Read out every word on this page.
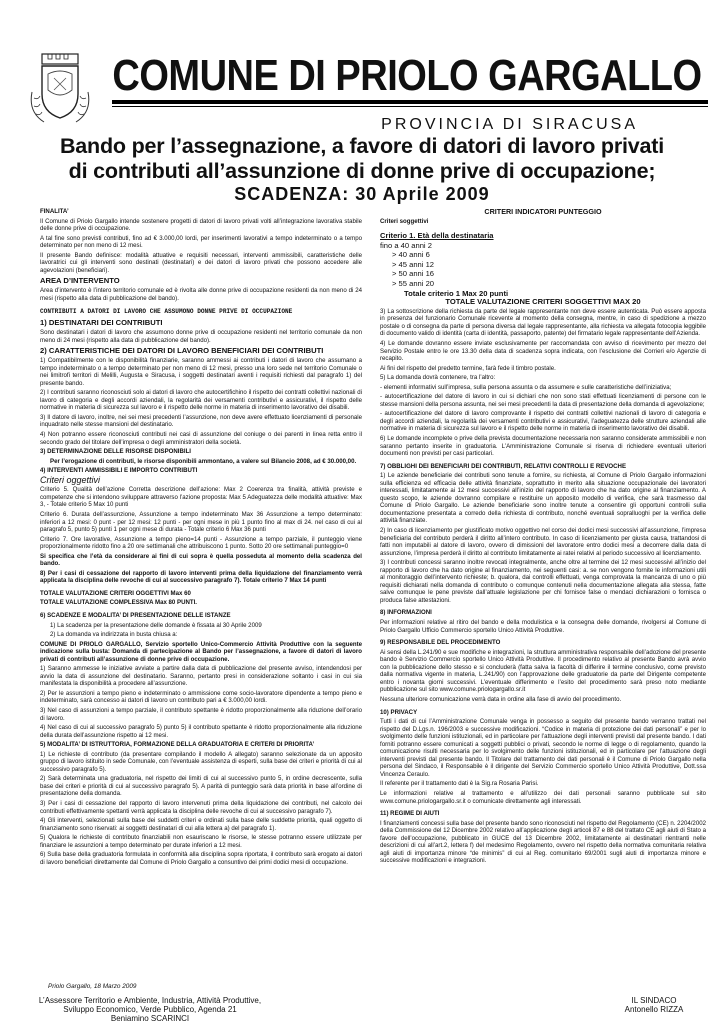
COMUNE DI PRIOLO GARGALLO
PROVINCIA DI SIRACUSA
Bando per l’assegnazione, a favore di datori di lavoro privati
di contributi all’assunzione di donne prive di occupazione;
SCADENZA: 30 Aprile 2009

FINALITA’

Il Comune di Priolo Gargallo intende sostenere progetti di datori di lavoro privati volti all’integrazione lavorativa stabile delle donne prive di occupazione.

A tal fine sono previsti contributi, fino ad € 3.000,00 lordi, per inserimenti lavorativi a tempo indeterminato o a tempo determinato per non meno di 12 mesi.

Il presente Bando definisce: modalità attuative e requisiti necessari, interventi ammissibili, caratteristiche delle lavoratrici cui gli interventi sono destinati (destinatari) e dei datori di lavoro privati che possono accedere alle agevolazioni (beneficiari).

AREA D’INTERVENTO

Area d’intervento è l’intero territorio comunale ed è rivolta alle donne prive di occupazione residenti da non meno di 24 mesi (rispetto alla data di pubblicazione del bando).

CONTRIBUTI A DATORI DI LAVORO CHE ASSUMONO DONNE PRIVE DI OCCUPAZIONE

1) DESTINATARI DEI CONTRIBUTI

Sono destinatari i datori di lavoro che assumono donne prive di occupazione residenti nel territorio comunale da non meno di 24 mesi (rispetto alla data di pubblicazione del bando).

2) CARATTERISTICHE DEI DATORI DI LAVORO BENEFICIARI DEI CONTRIBUTI

1) Compatibilmente con le disponibilità finanziarie, saranno ammessi ai contributi i datori di lavoro che assumano a tempo indeterminato o a tempo determinato per non meno di 12 mesi, presso una loro sede nel territorio Comunale o nei limitrofi territori di Melilli, Augusta e Siracusa, i soggetti destinatari aventi i requisiti richiesti dal paragrafo 1) del presente bando.

2) I contributi saranno riconosciuti solo ai datori di lavoro che autocertifichino il rispetto dei contratti collettivi nazionali di lavoro di categoria e degli accordi aziendali, la regolarità dei versamenti contributivi e assicurativi, il rispetto delle normative in materia di sicurezza sul lavoro e il rispetto delle norme in materia di inserimento lavorativo dei disabili.

3) Il datore di lavoro, inoltre, nei sei mesi precedenti l’assunzione, non deve avere effettuato licenziamenti di personale inquadrato nelle stesse mansioni del destinatario.

4) Non potranno essere riconosciuti contributi nei casi di assunzione del coniuge o dei parenti in linea retta entro il secondo grado del titolare dell’impresa o degli amministratori della società.

3) DETERMINAZIONE DELLE RISORSE DISPONIBILI

Per l’erogazione di contributi, le risorse disponibili ammontano, a valere sul Bilancio 2008, ad € 30.000,00.

4) INTERVENTI AMMISSIBILI E IMPORTO CONTRIBUTI

Criteri oggettivi

Criterio 5. Qualità dell’azione Corretta descrizione dell’azione: Max 2 Coerenza tra finalità, attività previste e competenze che si intendono sviluppare attraverso l’azione proposta: Max 5 Adeguatezza delle modalità attuative: Max 3, - Totale criterio 5 Max 10 punti

Criterio 6. Durata dell’assunzione, Assunzione a tempo indeterminato Max 36 Assunzione a tempo determinato: inferiori a 12 mesi: 0 punt - per 12 mesi: 12 punti - per ogni mese in più 1 punto fino al max di 24. nel caso di cui al paragrafo 5, punto 5) punti 1 per ogni mese di durata - Totale criterio 6 Max 36 punti

Criterio 7. Ore lavorative, Assunzione a tempo pieno=14 punti - Assunzione a tempo parziale, il punteggio viene proporzionalmente ridotto fino a 20 ore settimanali che attribuiscono 1 punto. Sotto 20 ore settimanali punteggio=0

Si specifica che l’età da considerare ai fini di cui sopra è quella posseduta al momento della scadenza del bando.

8) Per i casi di cessazione del rapporto di lavoro interventi prima della liquidazione del finanziamento verrà applicata la disciplina delle revoche di cui al successivo paragrafo 7). Totale criterio 7 Max 14 punti

TOTALE VALUTAZIONE CRITERI OGGETTIVI Max 60

TOTALE VALUTAZIONE COMPLESSIVA Max 80 PUNTI.

6) SCADENZE E MODALITA’ DI PRESENTAZIONE DELLE ISTANZE

1) La scadenza per la presentazione delle domande è fissata al 30 Aprile 2009

2) La domanda va indirizzata in busta chiusa a:

COMUNE DI PRIOLO GARGALLO, Servizio sportello Unico-Commercio Attività Produttive con la seguente indicazione sulla busta: Domanda di partecipazione al Bando per l’assegnazione, a favore di datori di lavoro privati di contributi all’assunzione di donne prive di occupazione.

1) Saranno ammesse le iniziative avviate a partire dalla data di pubblicazione del presente avviso, intendendosi per avvio la data di assunzione del destinatario. Saranno, pertanto presi in considerazione soltanto i casi in cui sia manifestata la disponibilità a procedere all’assunzione.

2) Per le assunzioni a tempo pieno e indeterminato o ammissione come socio-lavoratore dipendente a tempo pieno e indeterminato, sarà concesso ai datori di lavoro un contributo pari a € 3.000,00 lordi.

3) Nel caso di assunzioni a tempo parziale, il contributo spettante è ridotto proporzionalmente alla riduzione dell’orario di lavoro.

4) Nel caso di cui al successivo paragrafo 5) punto 5) il contributo spettante è ridotto proporzionalmente alla riduzione della durata dell’assunzione rispetto ai 12 mesi.

5) MODALITA’ DI ISTRUTTORIA, FORMAZIONE DELLA GRADUATORIA E CRITERI DI PRIORITA’

1) Le richieste di contributo (da presentare compilando il modello A allegato) saranno selezionate da un apposito gruppo di lavoro istituito in sede Comunale, con l’eventuale assistenza di esperti, sulla base dei criteri e priorità di cui al successivo paragrafo 5).

2) Sarà determinata una graduatoria, nel rispetto dei limiti di cui al successivo punto 5, in ordine decrescente, sulla base dei criteri e priorità di cui al successivo paragrafo 5). A parità di punteggio sarà data priorità in base all’ordine di presentazione della domanda.

3) Per i casi di cessazione del rapporto di lavoro intervenuti prima della liquidazione dei contributi, nel calcolo dei contributi effettivamente spettanti verrà applicata la disciplina delle revoche di cui al successivo paragrafo 7).

4) Gli interventi, selezionati sulla base dei suddetti criteri e ordinati sulla base delle suddette priorità, quali oggetto di finanziamento sono riservati: ai soggetti destinatari di cui alla lettera a) del paragrafo 1).

5) Qualora le richieste di contributo finanziabili non esauriscano le risorse, le stesse potranno essere utilizzate per finanziare le assunzioni a tempo determinato per durate inferiori a 12 mesi.

6) Sulla base della graduatoria formulata in conformità alla disciplina sopra riportata, il contributo sarà erogato ai datori di lavoro beneficiari direttamente dal Comune di Priolo Gargallo a consuntivo dei primi dodici mesi di occupazione.

CRITERI INDICATORI PUNTEGGIO

Criteri soggettivi

Criterio 1. Età della destinataria
fino a 40 anni 2
> 40 anni 6
> 45 anni 12
> 50 anni 16
> 55 anni 20
Totale criterio 1 Max 20 punti

TOTALE VALUTAZIONE CRITERI SOGGETTIVI MAX 20

3) La sottoscrizione della richiesta da parte del legale rappresentante non deve essere autenticata. Può essere apposta in presenza del funzionario Comunale ricevente al momento della consegna, mentre, in caso di spedizione a mezzo postale o di consegna da parte di persona diversa dal legale rappresentante, alla richiesta va allegata fotocopia leggibile di documento valido di identità (carta di identità, passaporto, patente) del firmatario legale rappresentante dell’Azienda.

4) Le domande dovranno essere inviate esclusivamente per raccomandata con avviso di ricevimento per mezzo del Servizio Postale entro le ore 13.30 della data di scadenza sopra indicata, con l’esclusione dei Corrieri e/o Agenzie di recapito.

Ai fini del rispetto del predetto termine, farà fede il timbro postale.

5) La domanda dovrà contenere, tra l’altro:

- elementi informativi sull’impresa, sulla persona assunta o da assumere e sulle caratteristiche dell’iniziativa;

- autocertificazione del datore di lavoro in cui si dichiari che non sono stati effettuati licenziamenti di persone con le stesse mansioni della persona assunta, nei sei mesi precedenti la data di presentazione della domanda di agevolazione;

- autocertificazione del datore di lavoro comprovante il rispetto dei contratti collettivi nazionali di lavoro di categoria e degli accordi aziendali, la regolarità dei versamenti contributivi e assicurativi, l’adeguatezza delle strutture aziendali alle normative in materia di sicurezza sul lavoro e il rispetto delle norme in materia di inserimento lavorativo dei disabili.

6) Le domande incomplete o prive della prevista documentazione necessaria non saranno considerate ammissibili e non saranno pertanto inserite in graduatoria. L’Amministrazione Comunale si riserva di richiedere eventuali ulteriori documenti non previsti per casi particolari.

7) OBBLIGHI DEI BENEFICIARI DEI CONTRIBUTI, RELATIVI CONTROLLI E REVOCHE

1) Le aziende beneficiarie dei contributi sono tenute a fornire, su richiesta, al Comune di Priolo Gargallo informazioni sulla efficienza ed efficacia delle attività finanziate, soprattutto in merito alla situazione occupazionale dei lavoratori interessati, limitatamente ai 12 mesi successivi all’inizio del rapporto di lavoro che ha dato origine al finanziamento. A questo scopo, le aziende dovranno compilare e restituire un apposito modello di verifica, che sarà trasmesso dal Comune di Priolo Gargallo. Le aziende beneficiarie sono inoltre tenute a consentire gli opportuni controlli sulla documentazione presentata a corredo della richiesta di contributo, nonché eventuali sopralluoghi per la verifica delle attività finanziate.

2) In caso di licenziamento per giustificato motivo oggettivo nel corso dei dodici mesi successivi all’assunzione, l’impresa beneficiaria del contributo perderà il diritto all’intero contributo. In caso di licenziamento per giusta causa, trattandosi di fatti non imputabili al datore di lavoro, ovvero di dimissioni del lavoratore entro dodici mesi a decorrere dalla data di assunzione, l’impresa perderà il diritto al contributo limitatamente ai ratei relativi al periodo successivo al licenziamento.

3) I contributi concessi saranno inoltre revocati integralmente, anche oltre al termine dei 12 mesi successivi all’inizio del rapporto di lavoro che ha dato origine al finanziamento, nei seguenti casi: a. se non vengono fornite le informazioni utili al monitoraggio dell’intervento richieste; b. qualora, dai controlli effettuati, venga comprovata la mancanza di uno o più requisiti dichiarati nella domanda di contributo o comunque contenuti nella documentazione allegata alla stessa, fatte salve comunque le pene previste dall’attuale legislazione per chi fornisce false o mendaci dichiarazioni o fornisca o produca false attestazioni.

8) INFORMAZIONI

Per informazioni relative al ritiro del bando e della modulistica e la consegna delle domande, rivolgersi al Comune di Priolo Gargallo Ufficio Commercio sportello Unico Attività Produttive.

9) RESPONSABILE DEL PROCEDIMENTO

Ai sensi della L.241/90 e sue modifiche e integrazioni, la struttura amministrativa responsabile dell’adozione del presente bando è Servizio Commercio sportello Unico Attività Produttive. Il procedimento relativo al presente Bando avrà avvio con la pubblicazione dello stesso e si concluderà (fatta salva la facoltà di differire il termine conclusivo, come previsto dalla normativa vigente in materia, L.241/90) con l’approvazione delle graduatorie da parte del Dirigente competente entro i novanta giorni successivi. L’eventuale differimento e l’esito del procedimento sarà preso noto mediante pubblicazione sul sito www.comune.priologargallo.sr.it

Nessuna ulteriore comunicazione verrà data in ordine alla fase di avvio del procedimento.

10) PRIVACY

Tutti i dati di cui l’Amministrazione Comunale venga in possesso a seguito del presente bando verranno trattati nel rispetto del D.Lgs.n. 196/2003 e successive modificazioni. “Codice in materia di protezione dei dati personali” e per lo svolgimento delle funzioni istituzionali, ed in particolare per l’attuazione degli interventi previsti dal presente bando. I dati forniti potranno essere comunicati a soggetti pubblici o privati, secondo le norme di legge o di regolamento, quando la comunicazione risulti necessaria per lo svolgimento delle funzioni istituzionali, ed in particolare per l’attuazione degli interventi previsti dal presente bando. Il Titolare del trattamento dei dati personali è il Comune di Priolo Gargallo nella persona del Sindaco, il Responsabile è il dirigente del Servizio Commercio sportello Unico Attività Produttive, Dott.ssa Vincenza Ceraulo.

Il referente per il trattamento dati è la Sig.ra Rosaria Parisi.

Le informazioni relative al trattamento e all’utilizzo dei dati personali saranno pubblicate sul sito www.comune.priologargallo.sr.it o comunicate direttamente agli interessati.

11) REGIME DI AIUTI

I finanziamenti concessi sulla base del presente bando sono riconosciuti nel rispetto del Regolamento (CE) n. 2204/2002 della Commissione del 12 Dicembre 2002 relativo all’applicazione degli articoli 87 e 88 del trattato CE agli aiuti di Stato a favore dell’occupazione, pubblicato in GUCE del 13 Dicembre 2002, limitatamente ai destinatari rientranti nelle descrizioni di cui all’art.2, lettera f) del medesimo Regolamento, ovvero nel rispetto della normativa comunitaria relativa agli aiuti di importanza minore “de minimis” di cui al Reg. comunitario 69/2001 sugli aiuti di importanza minore e successive modificazioni e integrazioni.

Priolo Gargallo, 18 Marzo 2009
L’Assessore Territorio e Ambiente, Industria, Attività Produttive,
Sviluppo Economico, Verde Pubblico, Agenda 21
Beniamino SCARINCI
IL SINDACO
Antonello RIZZA
